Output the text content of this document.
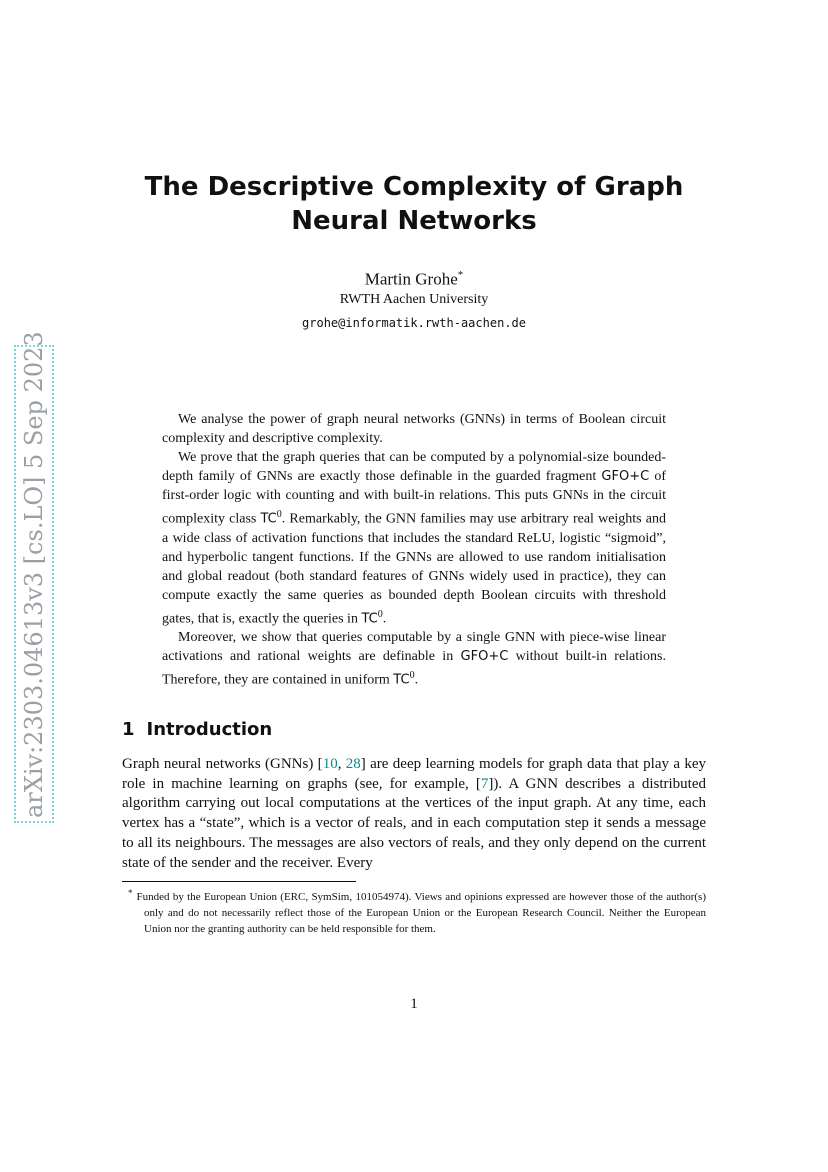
arXiv:2303.04613v3 [cs.LO] 5 Sep 2023
The Descriptive Complexity of Graph Neural Networks
Martin Grohe*
RWTH Aachen University
grohe@informatik.rwth-aachen.de

We analyse the power of graph neural networks (GNNs) in terms of Boolean circuit complexity and descriptive complexity.

We prove that the graph queries that can be computed by a polynomial-size bounded-depth family of GNNs are exactly those definable in the guarded fragment GFO+C of first-order logic with counting and with built-in relations. This puts GNNs in the circuit complexity class $TC^0$. Remarkably, the GNN families may use arbitrary real weights and a wide class of activation functions that includes the standard ReLU, logistic “sigmoid”, and hyperbolic tangent functions. If the GNNs are allowed to use random initialisation and global readout (both standard features of GNNs widely used in practice), they can compute exactly the same queries as bounded depth Boolean circuits with threshold gates, that is, exactly the queries in $TC^0$.

Moreover, we show that queries computable by a single GNN with piece-wise linear activations and rational weights are definable in GFO+C without built-in relations. Therefore, they are contained in uniform $TC^0$.

1 Introduction

Graph neural networks (GNNs) [10, 28] are deep learning models for graph data that play a key role in machine learning on graphs (see, for example, [7]). A GNN describes a distributed algorithm carrying out local computations at the vertices of the input graph. At any time, each vertex has a “state”, which is a vector of reals, and in each computation step it sends a message to all its neighbours. The messages are also vectors of reals, and they only depend on the current state of the sender and the receiver. Every

* Funded by the European Union (ERC, SymSim, 101054974). Views and opinions expressed are however those of the author(s) only and do not necessarily reflect those of the European Union or the European Research Council. Neither the European Union nor the granting authority can be held responsible for them.
1
